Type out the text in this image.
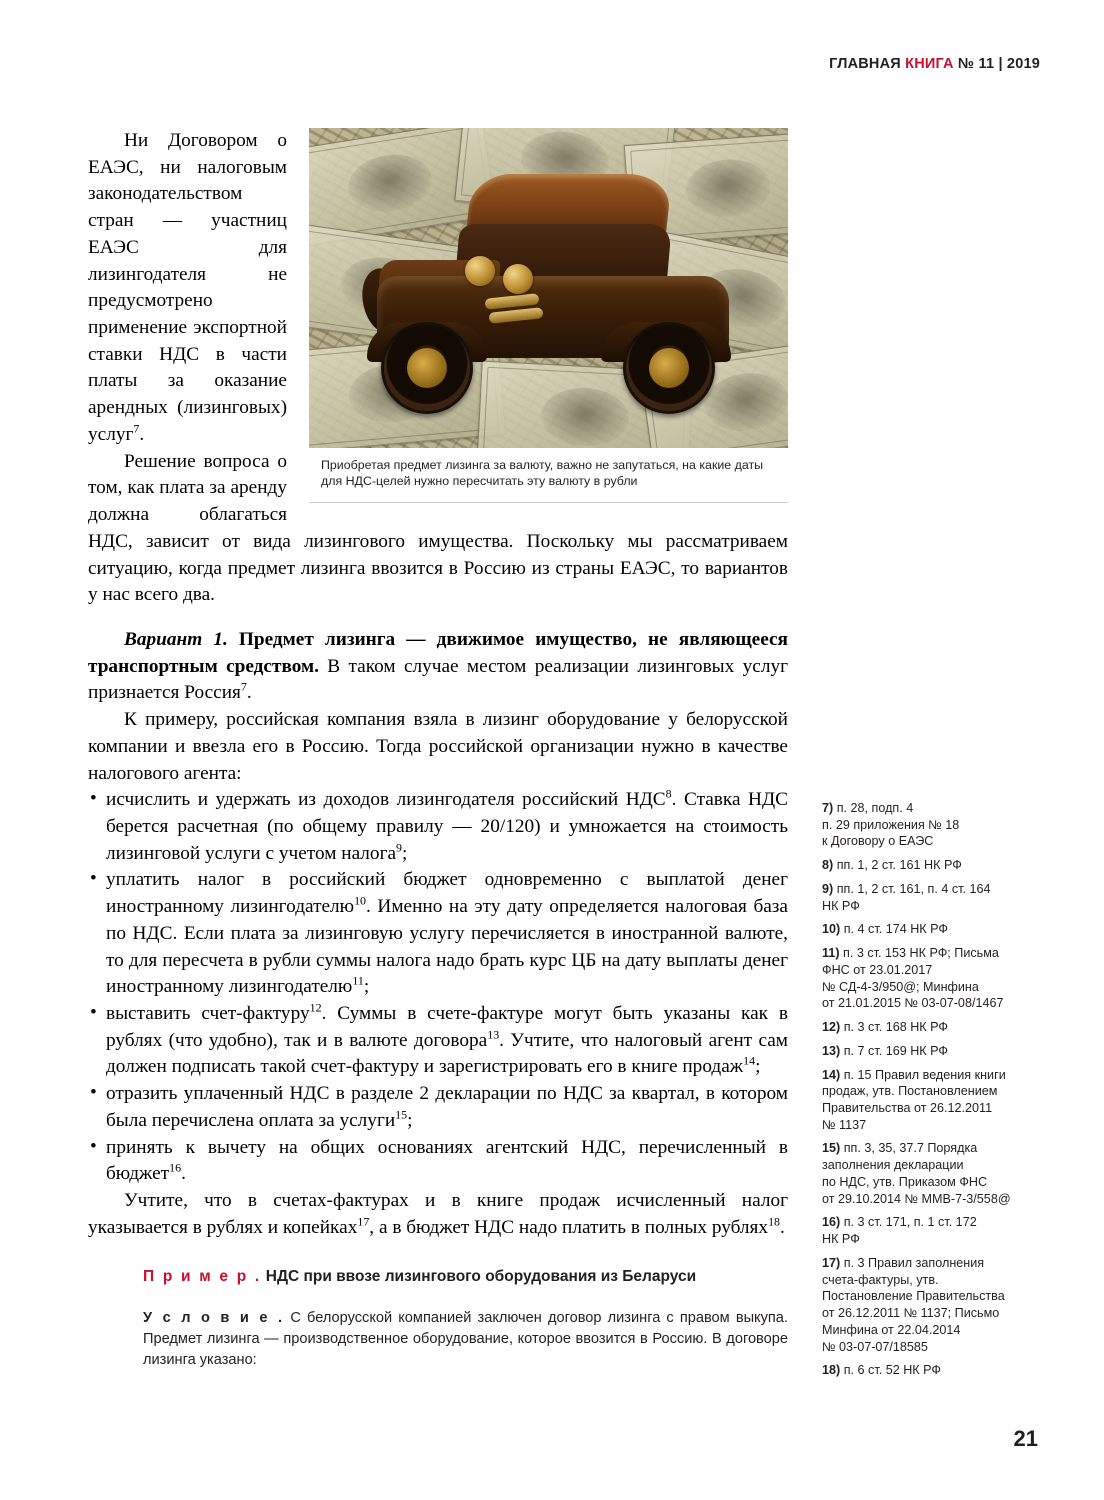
ГЛАВНАЯ КНИГА № 11 | 2019
Приобретая предмет лизинга за валюту, важно не запутаться, на какие даты для НДС-целей нужно пересчитать эту валюту в рубли

Ни Договором о ЕАЭС, ни налоговым законодательством стран — участниц ЕАЭС для лизингодателя не предусмотрено применение экспортной ставки НДС в части платы за оказание арендных (лизинговых) услуг$^7$.

Решение вопроса о том, как плата за аренду должна облагаться НДС, зависит от вида лизингового имущества. Поскольку мы рассматриваем ситуацию, когда предмет лизинга ввозится в Россию из страны ЕАЭС, то вариантов у нас всего два.

Вариант 1. Предмет лизинга — движимое имущество, не являющееся транспортным средством. В таком случае местом реализации лизинговых услуг признается Россия$^7$.

К примеру, российская компания взяла в лизинг оборудование у белорусской компании и ввезла его в Россию. Тогда российской организации нужно в качестве налогового агента:

• исчислить и удержать из доходов лизингодателя российский НДС$^8$. Ставка НДС берется расчетная (по общему правилу — 20/120) и умножается на стоимость лизинговой услуги с учетом налога$^9$;
• уплатить налог в российский бюджет одновременно с выплатой денег иностранному лизингодателю$^{10}$. Именно на эту дату определяется налоговая база по НДС. Если плата за лизинговую услугу перечисляется в иностранной валюте, то для пересчета в рубли суммы налога надо брать курс ЦБ на дату выплаты денег иностранному лизингодателю$^{11}$;
• выставить счет-фактуру$^{12}$. Суммы в счете-фактуре могут быть указаны как в рублях (что удобно), так и в валюте договора$^{13}$. Учтите, что налоговый агент сам должен подписать такой счет-фактуру и зарегистрировать его в книге продаж$^{14}$;
• отразить уплаченный НДС в разделе 2 декларации по НДС за квартал, в котором была перечислена оплата за услуги$^{15}$;
• принять к вычету на общих основаниях агентский НДС, перечисленный в бюджет$^{16}$.

Учтите, что в счетах-фактурах и в книге продаж исчисленный налог указывается в рублях и копейках$^{17}$, а в бюджет НДС надо платить в полных рублях$^{18}$.

П р и м е р . НДС при ввозе лизингового оборудования из Беларуси
У с л о в и е . С белорусской компанией заключен договор лизинга с правом выкупа. Предмет лизинга — производственное оборудование, которое ввозится в Россию. В договоре лизинга указано:
7) п. 28, подп. 4
п. 29 приложения № 18
к Договору о ЕАЭС
8) пп. 1, 2 ст. 161 НК РФ
9) пп. 1, 2 ст. 161, п. 4 ст. 164
НК РФ
10) п. 4 ст. 174 НК РФ
11) п. 3 ст. 153 НК РФ; Письма
ФНС от 23.01.2017
№ СД-4-3/950@; Минфина
от 21.01.2015 № 03-07-08/1467
12) п. 3 ст. 168 НК РФ
13) п. 7 ст. 169 НК РФ
14) п. 15 Правил ведения книги
продаж, утв. Постановлением
Правительства от 26.12.2011
№ 1137
15) пп. 3, 35, 37.7 Порядка
заполнения декларации
по НДС, утв. Приказом ФНС
от 29.10.2014 № ММВ-7-3/558@
16) п. 3 ст. 171, п. 1 ст. 172
НК РФ
17) п. 3 Правил заполнения
счета-фактуры, утв.
Постановление Правительства
от 26.12.2011 № 1137; Письмо
Минфина от 22.04.2014
№ 03-07-07/18585
18) п. 6 ст. 52 НК РФ
21
